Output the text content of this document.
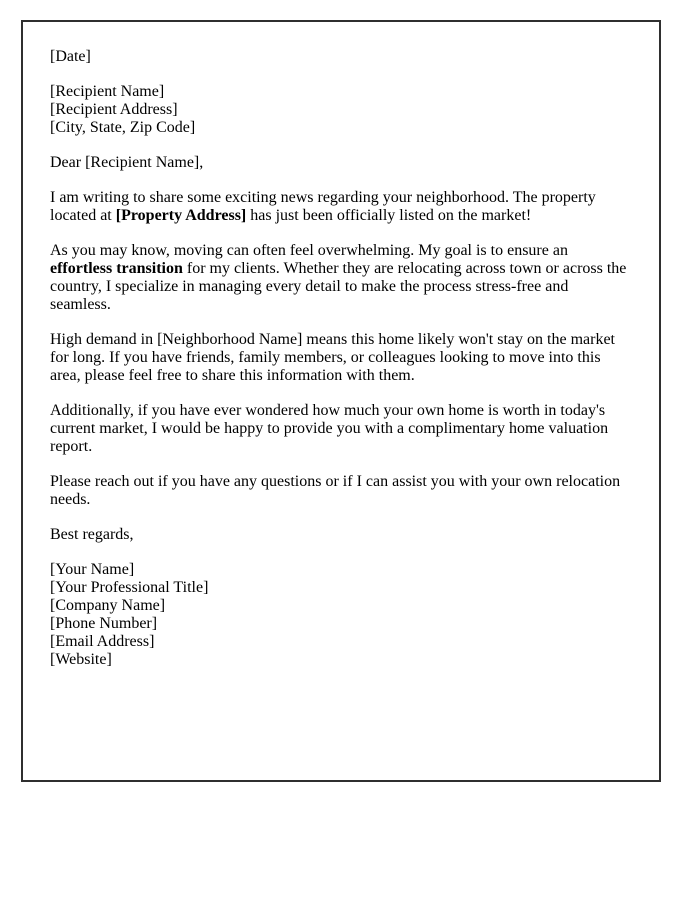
[Date]

[Recipient Name]
[Recipient Address]
[City, State, Zip Code]

Dear [Recipient Name],

I am writing to share some exciting news regarding your neighborhood. The property located at [Property Address] has just been officially listed on the market!

As you may know, moving can often feel overwhelming. My goal is to ensure an effortless transition for my clients. Whether they are relocating across town or across the country, I specialize in managing every detail to make the process stress-free and seamless.

High demand in [Neighborhood Name] means this home likely won't stay on the market for long. If you have friends, family members, or colleagues looking to move into this area, please feel free to share this information with them.

Additionally, if you have ever wondered how much your own home is worth in today's current market, I would be happy to provide you with a complimentary home valuation report.

Please reach out if you have any questions or if I can assist you with your own relocation needs.

Best regards,

[Your Name]
[Your Professional Title]
[Company Name]
[Phone Number]
[Email Address]
[Website]
